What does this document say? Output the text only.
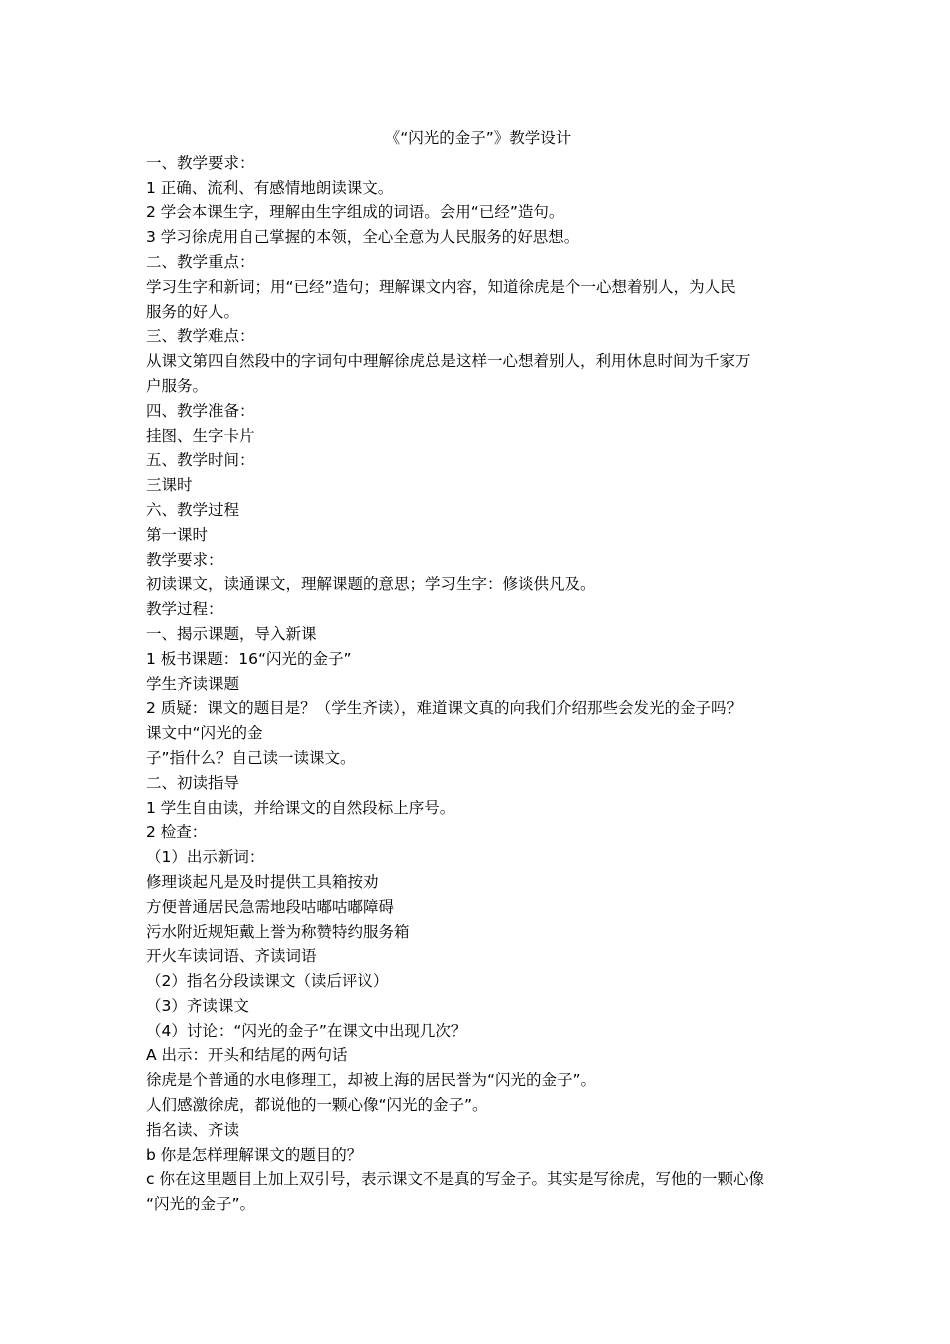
《“闪光的金子”》教学设计

一、教学要求：

1 正确、流利、有感情地朗读课文。

2 学会本课生字，理解由生字组成的词语。会用“已经”造句。

3 学习徐虎用自己掌握的本领，全心全意为人民服务的好思想。

二、教学重点：

学习生字和新词；用“已经”造句；理解课文内容，知道徐虎是个一心想着别人，为人民

服务的好人。

三、教学难点：

从课文第四自然段中的字词句中理解徐虎总是这样一心想着别人，利用休息时间为千家万

户服务。

四、教学准备：

挂图、生字卡片

五、教学时间：

三课时

六、教学过程

第一课时

教学要求：

初读课文，读通课文，理解课题的意思；学习生字：修谈供凡及。

教学过程：

一、揭示课题，导入新课

1 板书课题：16“闪光的金子”

学生齐读课题

2 质疑：课文的题目是？（学生齐读），难道课文真的向我们介绍那些会发光的金子吗？

课文中“闪光的金

子”指什么？自己读一读课文。

二、初读指导

1 学生自由读，并给课文的自然段标上序号。

2 检查：

（1）出示新词：

修理谈起凡是及时提供工具箱按劝

方便普通居民急需地段咕嘟咕嘟障碍

污水附近规矩戴上誉为称赞特约服务箱

开火车读词语、齐读词语

（2）指名分段读课文（读后评议）

（3）齐读课文

（4）讨论：“闪光的金子”在课文中出现几次？

A 出示：开头和结尾的两句话

徐虎是个普通的水电修理工，却被上海的居民誉为“闪光的金子”。

人们感激徐虎，都说他的一颗心像“闪光的金子”。

指名读、齐读

b 你是怎样理解课文的题目的？

c 你在这里题目上加上双引号，表示课文不是真的写金子。其实是写徐虎，写他的一颗心像

“闪光的金子”。
